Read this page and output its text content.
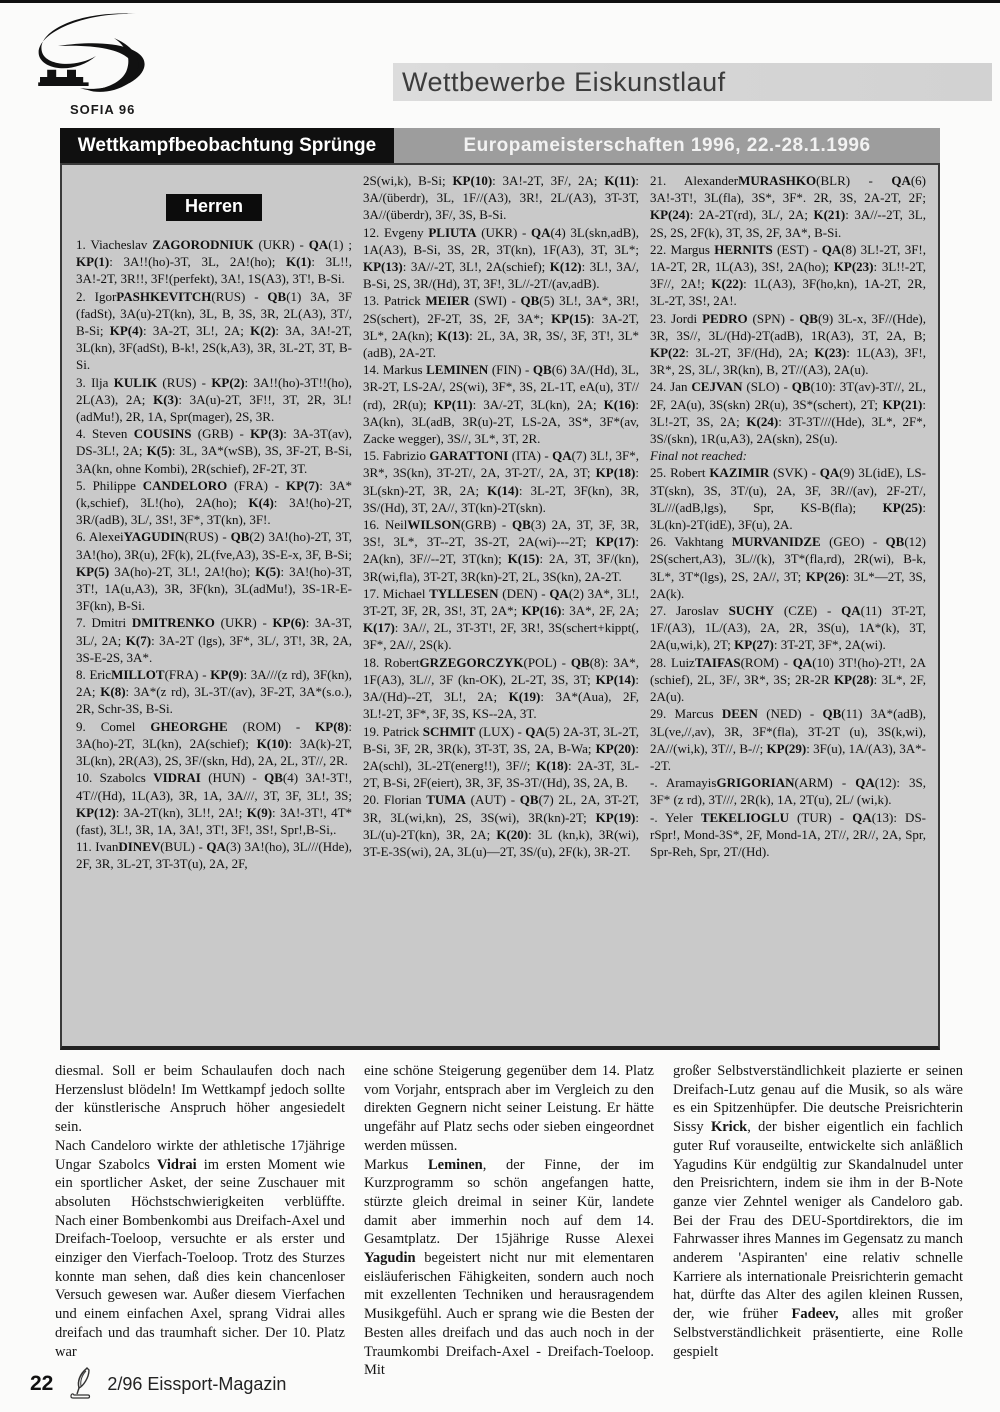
SOFIA 96
Wettbewerbe Eiskunstlauf
Wettkampfbeobachtung Sprünge	Europameisterschaften 1996, 22.-28.1.1996
Herren

1. Viacheslav ZAGORODNIUK (UKR) - QA(1) ; KP(1): 3A!!(ho)-3T, 3L, 2A!(ho); K(1): 3L!!, 3A!-2T, 3R!!, 3F!(perfekt), 3A!, 1S(A3), 3T!, B-Si.

2. IgorPASHKEVITCH(RUS) - QB(1) 3A, 3F (fadSt), 3A(u)-2T(kn), 3L, B, 3S, 3R, 2L(A3), 3T/, B-Si; KP(4): 3A-2T, 3L!, 2A; K(2): 3A, 3A!-2T, 3L(kn), 3F(adSt), B-k!, 2S(k,A3), 3R, 3L-2T, 3T, B-Si.

3. Ilja KULIK (RUS) - KP(2): 3A!!(ho)-3T!!(ho), 2L(A3), 2A; K(3): 3A(u)-2T, 3F!!, 3T, 2R, 3L!(adMu!), 2R, 1A, Spr(mager), 2S, 3R.

4. Steven COUSINS (GRB) - KP(3): 3A-3T(av), DS-3L!, 2A; K(5): 3L, 3A*(wSB), 3S, 3F-2T, B-Si, 3A(kn, ohne Kombi), 2R(schief), 2F-2T, 3T.

5. Philippe CANDELORO (FRA) - KP(7): 3A*(k,schief), 3L!(ho), 2A(ho); K(4): 3A!(ho)-2T, 3R/(adB), 3L/, 3S!, 3F*, 3T(kn), 3F!.

6. AlexeiYAGUDIN(RUS) - QB(2) 3A!(ho)-2T, 3T, 3A!(ho), 3R(u), 2F(k), 2L(fve,A3), 3S-E-x, 3F, B-Si; KP(5) 3A(ho)-2T, 3L!, 2A!(ho); K(5): 3A!(ho)-3T, 3T!, 1A(u,A3), 3R, 3F(kn), 3L(adMu!), 3S-1R-E-3F(kn), B-Si.

7. Dmitri DMITRENKO (UKR) - KP(6): 3A-3T, 3L/, 2A; K(7): 3A-2T (lgs), 3F*, 3L/, 3T!, 3R, 2A, 3S-E-2S, 3A*.

8. EricMILLOT(FRA) - KP(9): 3A///(z rd), 3F(kn), 2A; K(8): 3A*(z rd), 3L-3T/(av), 3F-2T, 3A*(s.o.), 2R, Schr-3S, B-Si.

9. Comel GHEORGHE (ROM) - KP(8): 3A(ho)-2T, 3L(kn), 2A(schief); K(10): 3A(k)-2T, 3L(kn), 2R(A3), 2S, 3F/(skn, Hd), 2A, 2L, 3T//, 2R.

10. Szabolcs VIDRAI (HUN) - QB(4) 3A!-3T!, 4T//(Hd), 1L(A3), 3R, 1A, 3A///, 3T, 3F, 3L!, 3S; KP(12): 3A-2T(kn), 3L!!, 2A!; K(9): 3A!-3T!, 4T*(fast), 3L!, 3R, 1A, 3A!, 3T!, 3F!, 3S!, Spr!,B-Si,.

11. IvanDINEV(BUL) - QA(3) 3A!(ho), 3L///(Hde), 2F, 3R, 3L-2T, 3T-3T(u), 2A, 2F,

2S(wi,k), B-Si; KP(10): 3A!-2T, 3F/, 2A; K(11): 3A/(überdr), 3L, 1F//(A3), 3R!, 2L/(A3), 3T-3T, 3A//(überdr), 3F/, 3S, B-Si.

12. Evgeny PLIUTA (UKR) - QA(4) 3L(skn,adB), 1A(A3), B-Si, 3S, 2R, 3T(kn), 1F(A3), 3T, 3L*; KP(13): 3A//-2T, 3L!, 2A(schief); K(12): 3L!, 3A/, B-Si, 2S, 3R/(Hd), 3T, 3F!, 3L//-2T/(av,adB).

13. Patrick MEIER (SWI) - QB(5) 3L!, 3A*, 3R!, 2S(schert), 2F-2T, 3S, 2F, 3A*; KP(15): 3A-2T, 3L*, 2A(kn); K(13): 2L, 3A, 3R, 3S/, 3F, 3T!, 3L*(adB), 2A-2T.

14. Markus LEMINEN (FIN) - QB(6) 3A/(Hd), 3L, 3R-2T, LS-2A/, 2S(wi), 3F*, 3S, 2L-1T, eA(u), 3T// (rd), 2R(u); KP(11): 3A/-2T, 3L(kn), 2A; K(16): 3A(kn), 3L(adB, 3R(u)-2T, LS-2A, 3S*, 3F*(av, Zacke wegger), 3S//, 3L*, 3T, 2R.

15. Fabrizio GARATTONI (ITA) - QA(7) 3L!, 3F*, 3R*, 3S(kn), 3T-2T/, 2A, 3T-2T/, 2A, 3T; KP(18): 3L(skn)-2T, 3R, 2A; K(14): 3L-2T, 3F(kn), 3R, 3S/(Hd), 3T, 2A//, 3T(kn)-2T(skn).

16. NeilWILSON(GRB) - QB(3) 2A, 3T, 3F, 3R, 3S!, 3L*, 3T--2T, 3S-2T, 2A(wi)---2T; KP(17): 2A(kn), 3F//--2T, 3T(kn); K(15): 2A, 3T, 3F/(kn), 3R(wi,fla), 3T-2T, 3R(kn)-2T, 2L, 3S(kn), 2A-2T.

17. Michael TYLLESEN (DEN) - QA(2) 3A*, 3L!, 3T-2T, 3F, 2R, 3S!, 3T, 2A*; KP(16): 3A*, 2F, 2A; K(17): 3A//, 2L, 3T-3T!, 2F, 3R!, 3S(schert+kippt(, 3F*, 2A//, 2S(k).

18. RobertGRZEGORCZYK(POL) - QB(8): 3A*, 1F(A3), 3L//, 3F (kn-OK), 2L-2T, 3S, 3T; KP(14): 3A/(Hd)--2T, 3L!, 2A; K(19): 3A*(Aua), 2F, 3L!-2T, 3F*, 3F, 3S, KS--2A, 3T.

19. Patrick SCHMIT (LUX) - QA(5) 2A-3T, 3L-2T, B-Si, 3F, 2R, 3R(k), 3T-3T, 3S, 2A, B-Wa; KP(20): 2A(schl), 3L-2T(energ!!), 3F//; K(18): 2A-3T, 3L-2T, B-Si, 2F(eiert), 3R, 3F, 3S-3T/(Hd), 3S, 2A, B.

20. Florian TUMA (AUT) - QB(7) 2L, 2A, 3T-2T, 3R, 3L(wi,kn), 2S, 3S(wi), 3R(kn)-2T; KP(19): 3L/(u)-2T(kn), 3R, 2A; K(20): 3L (kn,k), 3R(wi), 3T-E-3S(wi), 2A, 3L(u)—2T, 3S/(u), 2F(k), 3R-2T.

21. AlexanderMURASHKO(BLR) - QA(6) 3A!-3T!, 3L(fla), 3S*, 3F*. 2R, 3S, 2A-2T, 2F; KP(24): 2A-2T(rd), 3L/, 2A; K(21): 3A//--2T, 3L, 2S, 2S, 2F(k), 3T, 3S, 2F, 3A*, B-Si.

22. Margus HERNITS (EST) - QA(8) 3L!-2T, 3F!, 1A-2T, 2R, 1L(A3), 3S!, 2A(ho); KP(23): 3L!!-2T, 3F//, 2A!; K(22): 1L(A3), 3F(ho,kn), 1A-2T, 2R, 3L-2T, 3S!, 2A!.

23. Jordi PEDRO (SPN) - QB(9) 3L-x, 3F//(Hde), 3R, 3S//, 3L/(Hd)-2T(adB), 1R(A3), 3T, 2A, B; KP(22: 3L-2T, 3F/(Hd), 2A; K(23): 1L(A3), 3F!, 3R*, 2S, 3L/, 3R(kn), B, 2T//(A3), 2A(u).

24. Jan CEJVAN (SLO) - QB(10): 3T(av)-3T//, 2L, 2F, 2A(u), 3S(skn) 2R(u), 3S*(schert), 2T; KP(21): 3L!-2T, 3S, 2A; K(24): 3T-3T///(Hde), 3L*, 2F*, 3S/(skn), 1R(u,A3), 2A(skn), 2S(u).

Final not reached:

25. Robert KAZIMIR (SVK) - QA(9) 3L(idE), LS-3T(skn), 3S, 3T/(u), 2A, 3F, 3R//(av), 2F-2T/, 3L///(adB,lgs), Spr, KS-B(fla); KP(25): 3L(kn)-2T(idE), 3F(u), 2A.

26. Vakhtang MURVANIDZE (GEO) - QB(12) 2S(schert,A3), 3L//(k), 3T*(fla,rd), 2R(wi), B-k, 3L*, 3T*(lgs), 2S, 2A//, 3T; KP(26): 3L*—2T, 3S, 2A(k).

27. Jaroslav SUCHY (CZE) - QA(11) 3T-2T, 1F/(A3), 1L/(A3), 2A, 2R, 3S(u), 1A*(k), 3T, 2A(u,wi,k), 2T; KP(27): 3T-2T, 3F*, 2A(wi).

28. LuizTAIFAS(ROM) - QA(10) 3T!(ho)-2T!, 2A (schief), 2L, 3F/, 3R*, 3S; 2R-2R KP(28): 3L*, 2F, 2A(u).

29. Marcus DEEN (NED) - QB(11) 3A*(adB), 3L(ve,//,av), 3R, 3F*(fla), 3T-2T (u), 3S(k,wi), 2A//(wi,k), 3T//, B-//; KP(29): 3F(u), 1A/(A3), 3A*--2T.

-. AramayisGRIGORIAN(ARM) - QA(12): 3S, 3F* (z rd), 3T///, 2R(k), 1A, 2T(u), 2L/ (wi,k).

-. Yeler TEKELIOGLU (TUR) - QA(13): DS-rSpr!, Mond-3S*, 2F, Mond-1A, 2T//, 2R//, 2A, Spr, Spr-Reh, Spr, 2T/(Hd).

diesmal. Soll er beim Schaulaufen doch nach Herzenslust blödeln! Im Wettkampf jedoch sollte der künstlerische Anspruch höher angesiedelt sein.

Nach Candeloro wirkte der athletische 17jährige Ungar Szabolcs Vidrai im ersten Moment wie ein sportlicher Asket, der seine Zuschauer mit absoluten Höchstschwierigkeiten verblüffte. Nach einer Bombenkombi aus Dreifach-Axel und Dreifach-Toeloop, versuchte er als erster und einziger den Vierfach-Toeloop. Trotz des Sturzes konnte man sehen, daß dies kein chancenloser Versuch gewesen war. Außer diesem Vierfachen und einem einfachen Axel, sprang Vidrai alles dreifach und das traumhaft sicher. Der 10. Platz war

eine schöne Steigerung gegenüber dem 14. Platz vom Vorjahr, entsprach aber im Vergleich zu den direkten Gegnern nicht seiner Leistung. Er hätte ungefähr auf Platz sechs oder sieben eingeordnet werden müssen.

Markus Leminen, der Finne, der im Kurzprogramm so schön angefangen hatte, stürzte gleich dreimal in seiner Kür, landete damit aber immerhin noch auf dem 14. Gesamtplatz. Der 15jährige Russe Alexei Yagudin begeistert nicht nur mit elementaren eisläuferischen Fähigkeiten, sondern auch noch mit exzellenten Techniken und herausragendem Musikgefühl. Auch er sprang wie die Besten der Besten alles dreifach und das auch noch in der Traumkombi Dreifach-Axel - Dreifach-Toeloop. Mit

großer Selbstverständlichkeit plazierte er seinen Dreifach-Lutz genau auf die Musik, so als wäre es ein Spitzenhüpfer. Die deutsche Preisrichterin Sissy Krick, der bisher eigentlich ein fachlich guter Ruf vorauseilte, entwickelte sich anläßlich Yagudins Kür endgültig zur Skandalnudel unter den Preisrichtern, indem sie ihm in der B-Note ganze vier Zehntel weniger als Candeloro gab. Bei der Frau des DEU-Sportdirektors, die im Fahrwasser ihres Mannes im Gegensatz zu manch anderem 'Aspiranten' eine relativ schnelle Karriere als internationale Preisrichterin gemacht hat, dürfte das Alter des agilen kleinen Russen, der, wie früher Fadeev, alles mit großer Selbstverständlichkeit präsentierte, eine Rolle gespielt

22	2/96 Eissport-Magazin
